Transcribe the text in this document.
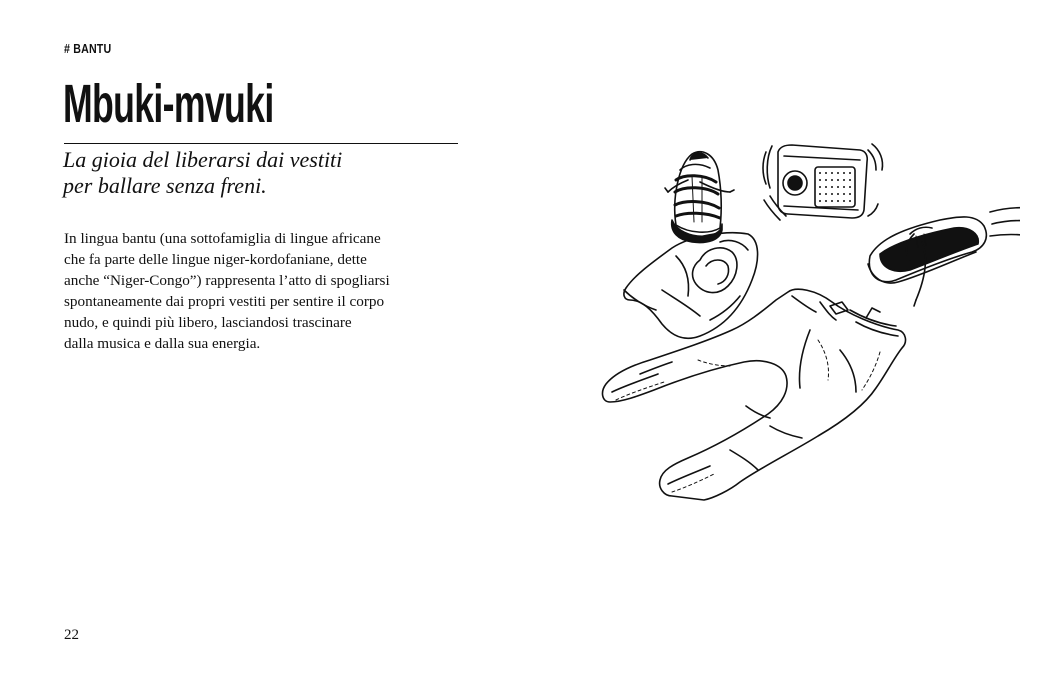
# BANTU
Mbuki-mvuki
La gioia del liberarsi dai vestiti
per ballare senza freni.
In lingua bantu (una sottofamiglia di lingue africane
che fa parte delle lingue niger-kordofaniane, dette
anche “Niger-Congo”) rappresenta l’atto di spogliarsi
spontaneamente dai propri vestiti per sentire il corpo
nudo, e quindi più libero, lasciandosi trascinare
dalla musica e dalla sua energia.
22
